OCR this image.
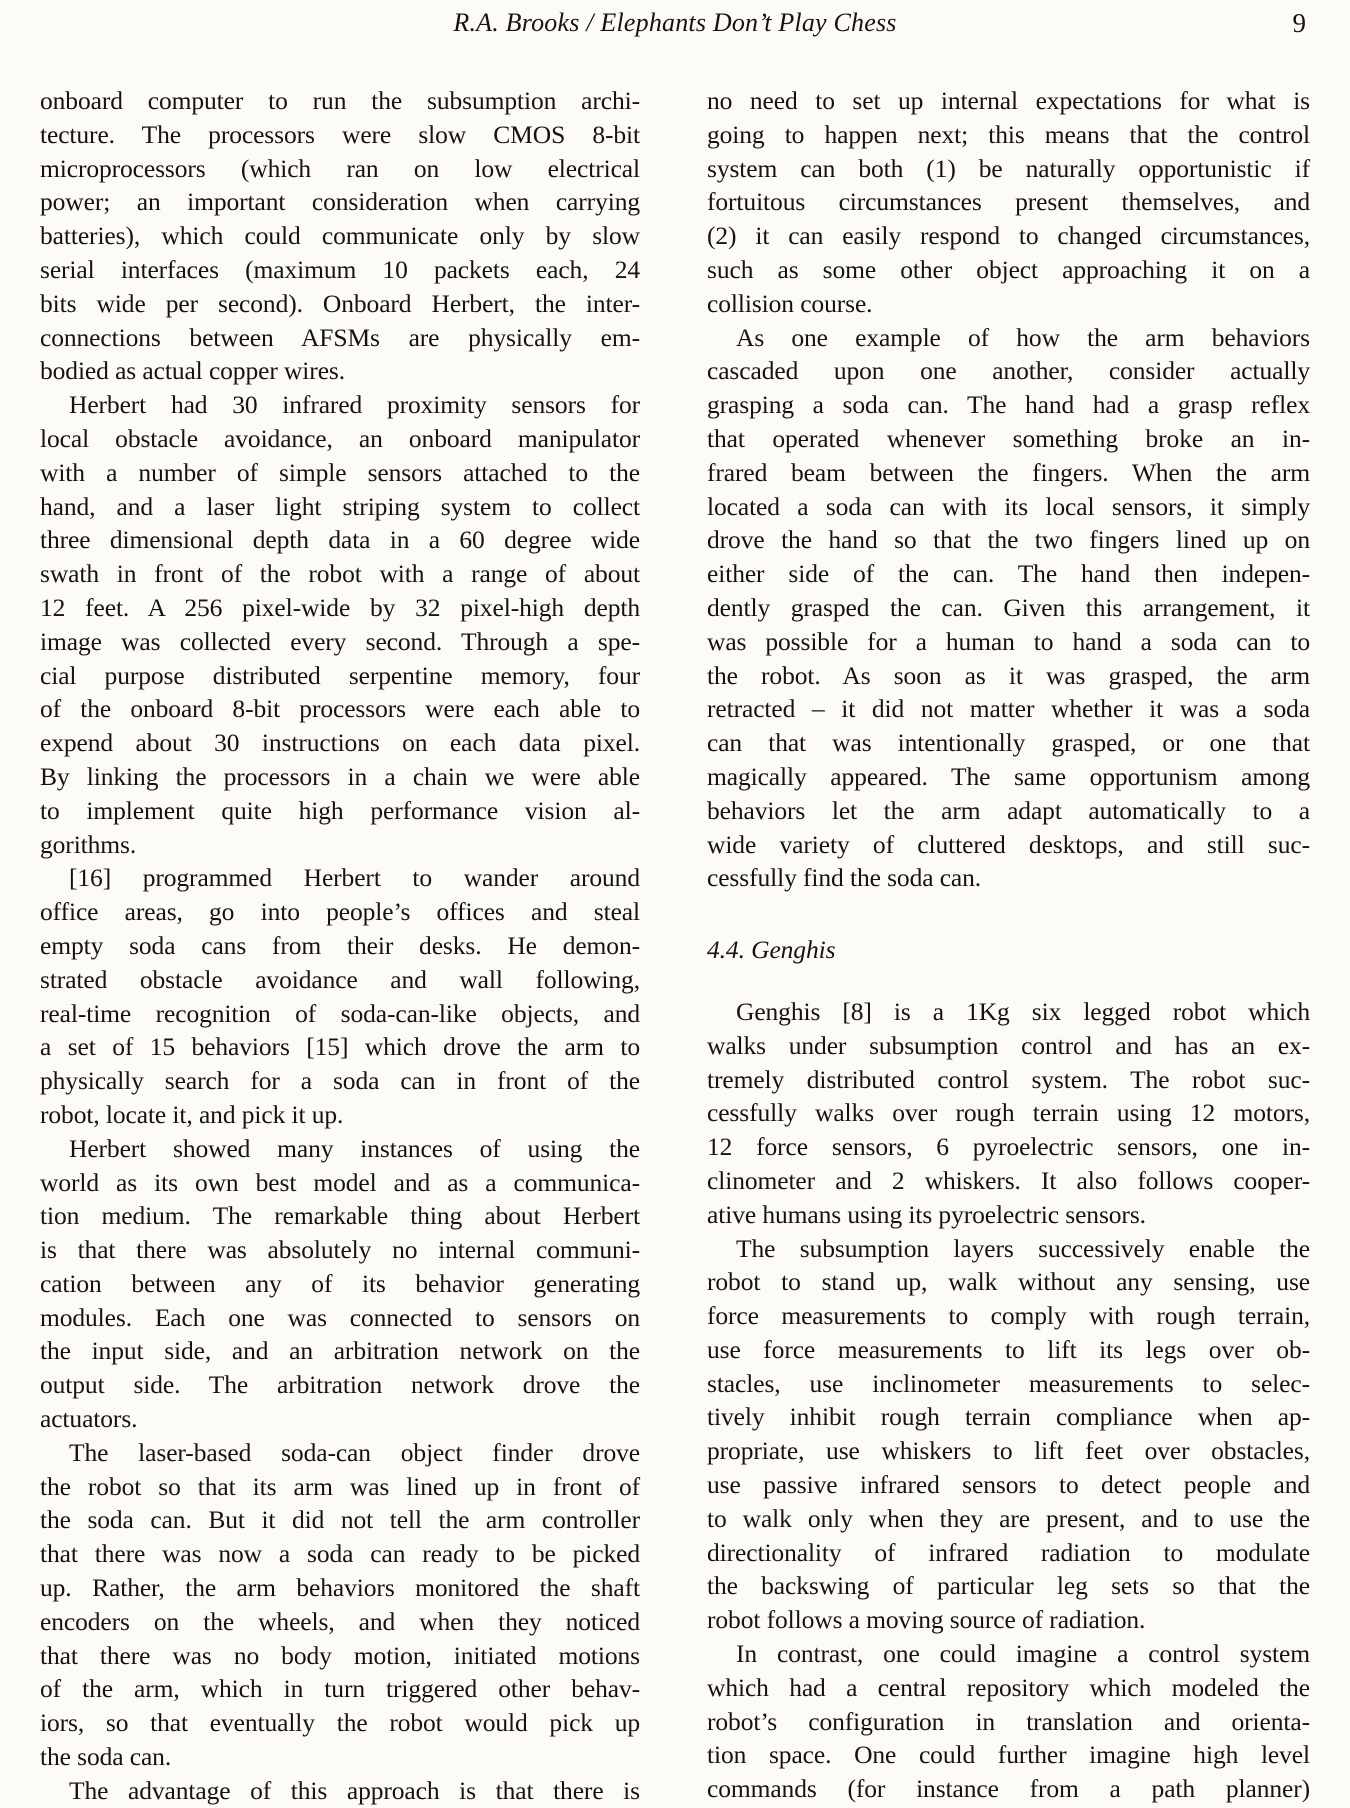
R.A. Brooks / Elephants Don’t Play Chess	9
onboard computer to run the subsumption archi-
tecture. The processors were slow CMOS 8-bit
microprocessors (which ran on low electrical
power; an important consideration when carrying
batteries), which could communicate only by slow
serial interfaces (maximum 10 packets each, 24
bits wide per second). Onboard Herbert, the inter-
connections between AFSMs are physically em-
bodied as actual copper wires.
Herbert had 30 infrared proximity sensors for
local obstacle avoidance, an onboard manipulator
with a number of simple sensors attached to the
hand, and a laser light striping system to collect
three dimensional depth data in a 60 degree wide
swath in front of the robot with a range of about
12 feet. A 256 pixel-wide by 32 pixel-high depth
image was collected every second. Through a spe-
cial purpose distributed serpentine memory, four
of the onboard 8-bit processors were each able to
expend about 30 instructions on each data pixel.
By linking the processors in a chain we were able
to implement quite high performance vision al-
gorithms.
[16] programmed Herbert to wander around
office areas, go into people’s offices and steal
empty soda cans from their desks. He demon-
strated obstacle avoidance and wall following,
real-time recognition of soda-can-like objects, and
a set of 15 behaviors [15] which drove the arm to
physically search for a soda can in front of the
robot, locate it, and pick it up.
Herbert showed many instances of using the
world as its own best model and as a communica-
tion medium. The remarkable thing about Herbert
is that there was absolutely no internal communi-
cation between any of its behavior generating
modules. Each one was connected to sensors on
the input side, and an arbitration network on the
output side. The arbitration network drove the
actuators.
The laser-based soda-can object finder drove
the robot so that its arm was lined up in front of
the soda can. But it did not tell the arm controller
that there was now a soda can ready to be picked
up. Rather, the arm behaviors monitored the shaft
encoders on the wheels, and when they noticed
that there was no body motion, initiated motions
of the arm, which in turn triggered other behav-
iors, so that eventually the robot would pick up
the soda can.
The advantage of this approach is that there is
no need to set up internal expectations for what is
going to happen next; this means that the control
system can both (1) be naturally opportunistic if
fortuitous circumstances present themselves, and
(2) it can easily respond to changed circumstances,
such as some other object approaching it on a
collision course.
As one example of how the arm behaviors
cascaded upon one another, consider actually
grasping a soda can. The hand had a grasp reflex
that operated whenever something broke an in-
frared beam between the fingers. When the arm
located a soda can with its local sensors, it simply
drove the hand so that the two fingers lined up on
either side of the can. The hand then indepen-
dently grasped the can. Given this arrangement, it
was possible for a human to hand a soda can to
the robot. As soon as it was grasped, the arm
retracted – it did not matter whether it was a soda
can that was intentionally grasped, or one that
magically appeared. The same opportunism among
behaviors let the arm adapt automatically to a
wide variety of cluttered desktops, and still suc-
cessfully find the soda can.
4.4. Genghis
Genghis [8] is a 1Kg six legged robot which
walks under subsumption control and has an ex-
tremely distributed control system. The robot suc-
cessfully walks over rough terrain using 12 motors,
12 force sensors, 6 pyroelectric sensors, one in-
clinometer and 2 whiskers. It also follows cooper-
ative humans using its pyroelectric sensors.
The subsumption layers successively enable the
robot to stand up, walk without any sensing, use
force measurements to comply with rough terrain,
use force measurements to lift its legs over ob-
stacles, use inclinometer measurements to selec-
tively inhibit rough terrain compliance when ap-
propriate, use whiskers to lift feet over obstacles,
use passive infrared sensors to detect people and
to walk only when they are present, and to use the
directionality of infrared radiation to modulate
the backswing of particular leg sets so that the
robot follows a moving source of radiation.
In contrast, one could imagine a control system
which had a central repository which modeled the
robot’s configuration in translation and orienta-
tion space. One could further imagine high level
commands (for instance from a path planner)
